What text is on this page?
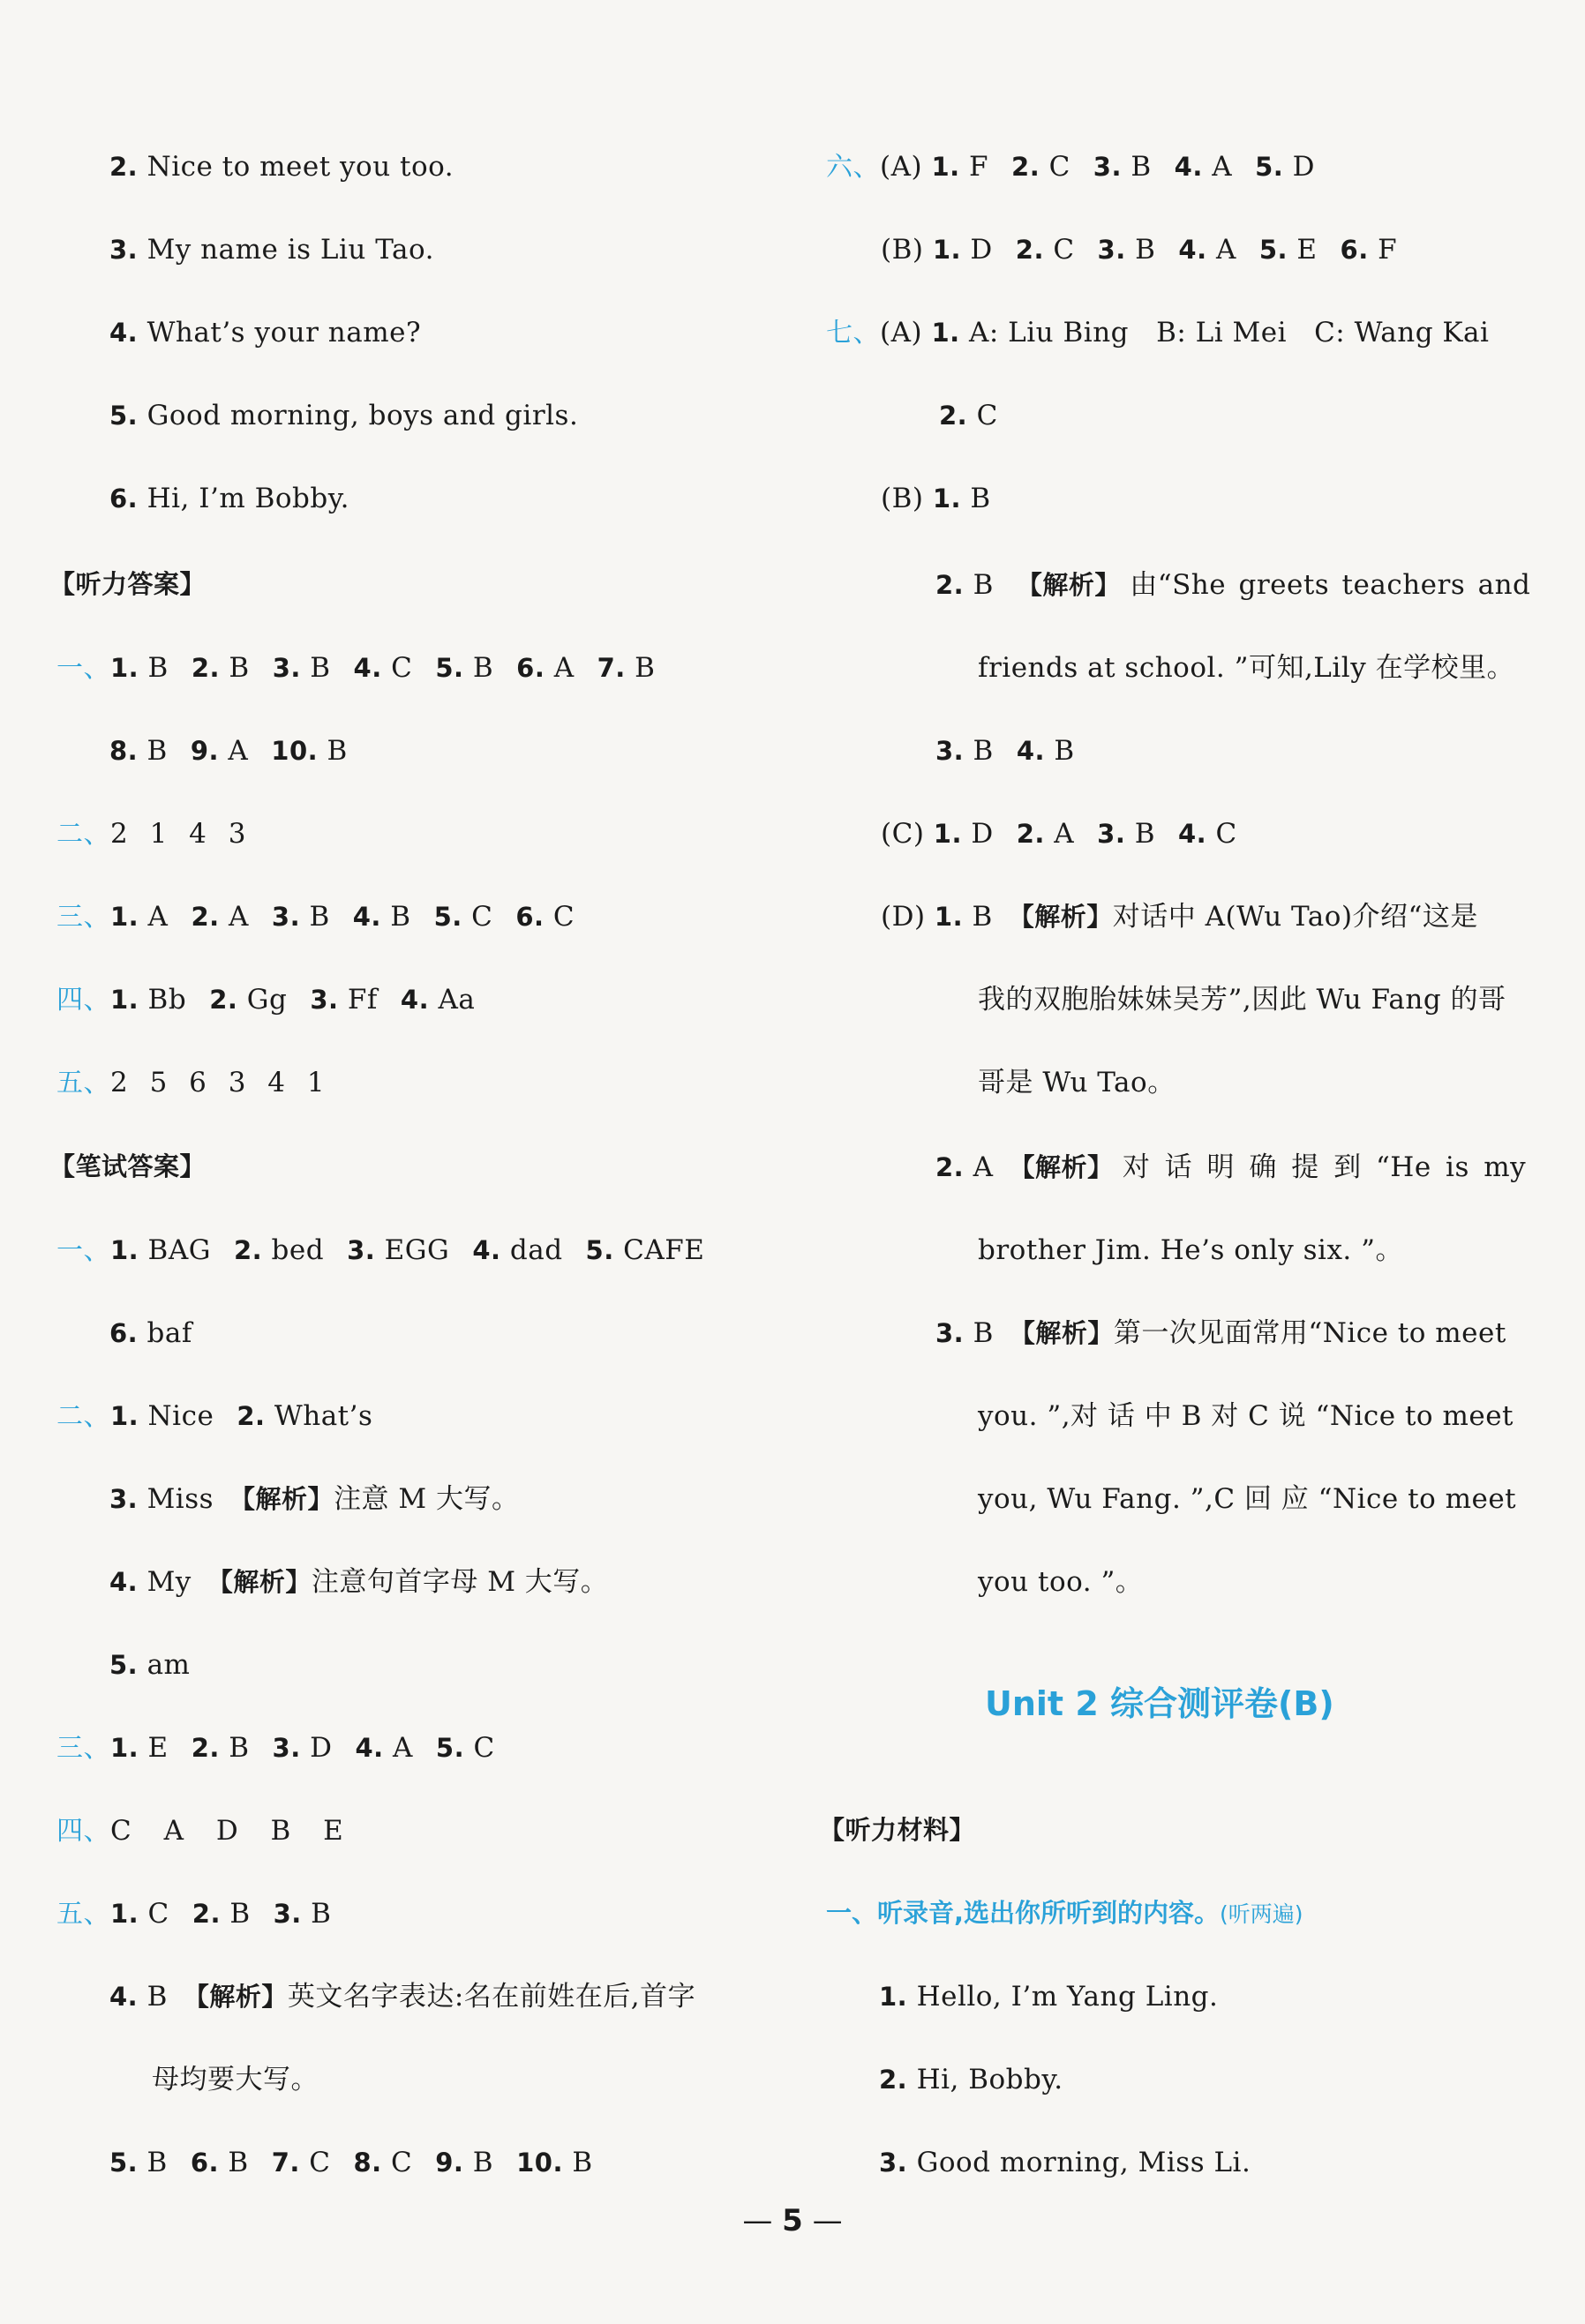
2. Nice to meet you too.
3. My name is Liu Tao.
4. What’s your name?
5. Good morning, boys and girls.
6. Hi, I’m Bobby.
【听力答案】
一、1. B 2. B 3. B 4. C 5. B 6. A 7. B
8. B 9. A 10. B
二、2 1 4 3
三、1. A 2. A 3. B 4. B 5. C 6. C
四、1. Bb 2. Gg 3. Ff 4. Aa
五、2 5 6 3 4 1
【笔试答案】
一、1. BAG 2. bed 3. EGG 4. dad 5. CAFE
6. baf
二、1. Nice 2. What’s
3. Miss 【解析】注意 M 大写。
4. My 【解析】注意句首字母 M 大写。
5. am
三、1. E 2. B 3. D 4. A 5. C
四、C A D B E
五、1. C 2. B 3. B
4. B 【解析】英文名字表达:名在前姓在后,首字
母均要大写。
5. B 6. B 7. C 8. C 9. B 10. B
六、(A) 1. F 2. C 3. B 4. A 5. D
(B) 1. D 2. C 3. B 4. A 5. E 6. F
七、(A) 1. A: Liu Bing   B: Li Mei   C: Wang Kai
2. C
(B) 1. B
2. B 【解析】 由“She greets teachers and
friends at school. ”可知,Lily 在学校里。
3. B 4. B
(C) 1. D 2. A 3. B 4. C
(D) 1. B 【解析】对话中 A(Wu Tao)介绍“这是
我的双胞胎妹妹吴芳”,因此 Wu Fang 的哥
哥是 Wu Tao。
2. A 【解析】 对 话 明 确 提 到 “He is my
brother Jim. He’s only six. ”。
3. B 【解析】第一次见面常用“Nice to meet
you. ”,对 话 中 B 对 C 说 “Nice to meet
you, Wu Fang. ”,C 回 应 “Nice to meet
you too. ”。
Unit 2 综合测评卷(B)
【听力材料】
一、听录音,选出你所听到的内容。(听两遍)
1. Hello, I’m Yang Ling.
2. Hi, Bobby.
3. Good morning, Miss Li.
— 5 —
